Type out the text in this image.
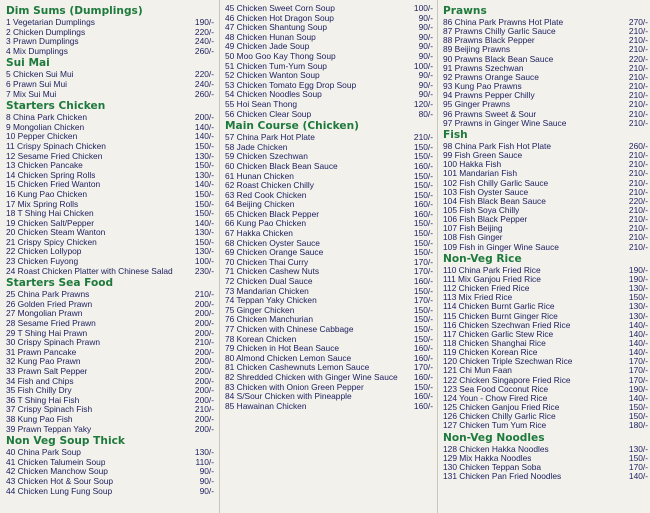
Dim Sums (Dumplings)
1 Vegetarian Dumplings	190/-
2 Chicken Dumplings	220/-
3 Prawn Dumplings	240/-
4 Mix Dumplings	260/-
Sui Mai
5 Chicken Sui Mui	220/-
6 Prawn Sui Mui	240/-
7 Mix Sui Mui	260/-
Starters Chicken
8 China Park Chicken	200/-
9 Mongolian Chicken	140/-
10 Pepper Chicken	140/-
11 Crispy Spinach Chicken	150/-
12 Sesame Fried Chicken	130/-
13 Chicken Pancake	150/-
14 Chicken Spring Rolls	130/-
15 Chicken Fried Wanton	140/-
16 Kung Pao Chicken	150/-
17 Mix Spring Rolls	150/-
18 T Shing Hai Chicken	150/-
19 Chicken Salt/Pepper	140/-
20 Chicken Steam Wanton	130/-
21 Crispy Spicy Chicken	150/-
22 Chicken Lollypop	130/-
23 Chicken Fuyong	100/-
24 Roast Chicken Platter with Chinese Salad	230/-
Starters Sea Food
25 China Park Prawns	210/-
26 Golden Fried Prawn	200/-
27 Mongolian Prawn	200/-
28 Sesame Fried Prawn	200/-
29 T Shing Hai Prawn	200/-
30 Crispy Spinach Prawn	210/-
31 Prawn Pancake	200/-
32 Kung Pao Prawn	200/-
33 Prawn Salt Pepper	200/-
34 Fish and Chips	200/-
35 Fish Chilly Dry	200/-
36 T Shing Hai Fish	200/-
37 Crispy Spinach Fish	210/-
38 Kung Pao Fish	200/-
39 Prawn Teppan Yaky	200/-
Non Veg Soup Thick
40 China Park Soup	130/-
41 Chicken Talumein Soup	110/-
42 Chicken Manchow Soup	90/-
43 Chicken Hot & Sour Soup	90/-
44 Chicken Lung Fung Soup	90/-
45 Chicken Sweet Corn Soup	100/-
46 Chicken Hot Dragon Soup	90/-
47 Chicken Shantung Soup	90/-
48 Chicken Hunan Soup	90/-
49 Chicken Jade Soup	90/-
50 Moo Goo Kay Thong Soup	90/-
51 Chicken Tum-Yum Soup	100/-
52 Chicken Wanton Soup	90/-
53 Chicken Tomato Egg Drop Soup	90/-
54 Chicken Noodles Soup	90/-
55 Hoi Sean Thong	120/-
56 Chicken Clear Soup	80/-
Main Course (Chicken)
57 China Park Hot Plate	210/-
58 Jade Chicken	150/-
59 Chicken Szechwan	150/-
60 Chicken Black Bean Sauce	160/-
61 Hunan Chicken	150/-
62 Roast Chicken Chilly	150/-
63 Red Cook Chicken	150/-
64 Beijing Chicken	160/-
65 Chicken Black Pepper	160/-
66 Kung Pao Chicken	150/-
67 Hakka Chicken	150/-
68 Chicken Oyster Sauce	150/-
69 Chicken Orange Sauce	150/-
70 Chicken Thai Curry	170/-
71 Chicken Cashew Nuts	170/-
72 Chicken Dual Sauce	160/-
73 Mandarian Chicken	150/-
74 Teppan Yaky Chicken	170/-
75 Ginger Chicken	150/-
76 Chicken Manchurian	150/-
77 Chicken with Chinese Cabbage	150/-
78 Korean Chicken	150/-
79 Chicken in Hot Bean Sauce	160/-
80 Almond Chicken Lemon Sauce	160/-
81 Chicken Cashewnuts Lemon Sauce	170/-
82 Shredded Chicken with Ginger Wine Sauce 160/-
83 Chicken with Onion Green Pepper	150/-
84 S/Sour Chicken with Pineapple	160/-
85 Hawainan Chicken	160/-
Prawns
86 China Park Prawns Hot Plate	270/-
87 Prawns Chilly Garlic Sauce	210/-
88 Prawns Black Pepper	210/-
89 Beijing Prawns	210/-
90 Prawns Black Bean Sauce	220/-
91 Prawns Szechwan	210/-
92 Prawns Orange Sauce	210/-
93 Kung Pao Prawns	210/-
94 Prawns Pepper Chilly	210/-
95 Ginger Prawns	210/-
96 Prawns Sweet & Sour	210/-
97 Prawns in Ginger Wine Sauce	210/-
Fish
98 China Park Fish Hot Plate	260/-
99 Fish Green Sauce	210/-
100 Hakka Fish	210/-
101 Mandarian Fish	210/-
102 Fish Chilly Garlic Sauce	210/-
103 Fish Oyster Sauce	210/-
104 Fish Black Bean Sauce	220/-
105 Fish Soya Chilly	210/-
106 Fish Black Pepper	210/-
107 Fish Beijing	210/-
108 Fish Ginger	210/-
109 Fish in Ginger Wine Sauce	210/-
Non-Veg Rice
110 China Park Fried Rice	190/-
111 Mix Ganjou Fried Rice	190/-
112 Chicken Fried Rice	130/-
113 Mix Fried Rice	150/-
114 Chicken Burnt Garlic Rice	130/-
115 Chicken Burnt Ginger Rice	130/-
116 Chicken Szechwan Fried Rice	140/-
117 Chicken Garlic Stew Rice	140/-
118 Chicken Shanghai Rice	140/-
119 Chicken Korean Rice	140/-
120 Chicken Triple Szechwan Rice	170/-
121 Chi Mun Faan	170/-
122 Chicken Singapore Fried Rice	170/-
123 Sea Food Coconut Rice	190/-
124 Youn - Chow Fired Rice	140/-
125 Chicken Ganjou Fried Rice	150/-
126 Chicken Chilly Garlic Rice	150/-
127 Chicken Tum Yum Rice	180/-
Non-Veg Noodles
128 Chicken Hakka Noodles	130/-
129 Mix Hakka Noodles	150/-
130 Chicken Teppan Soba	170/-
131 Chicken Pan Fried Noodles	140/-
